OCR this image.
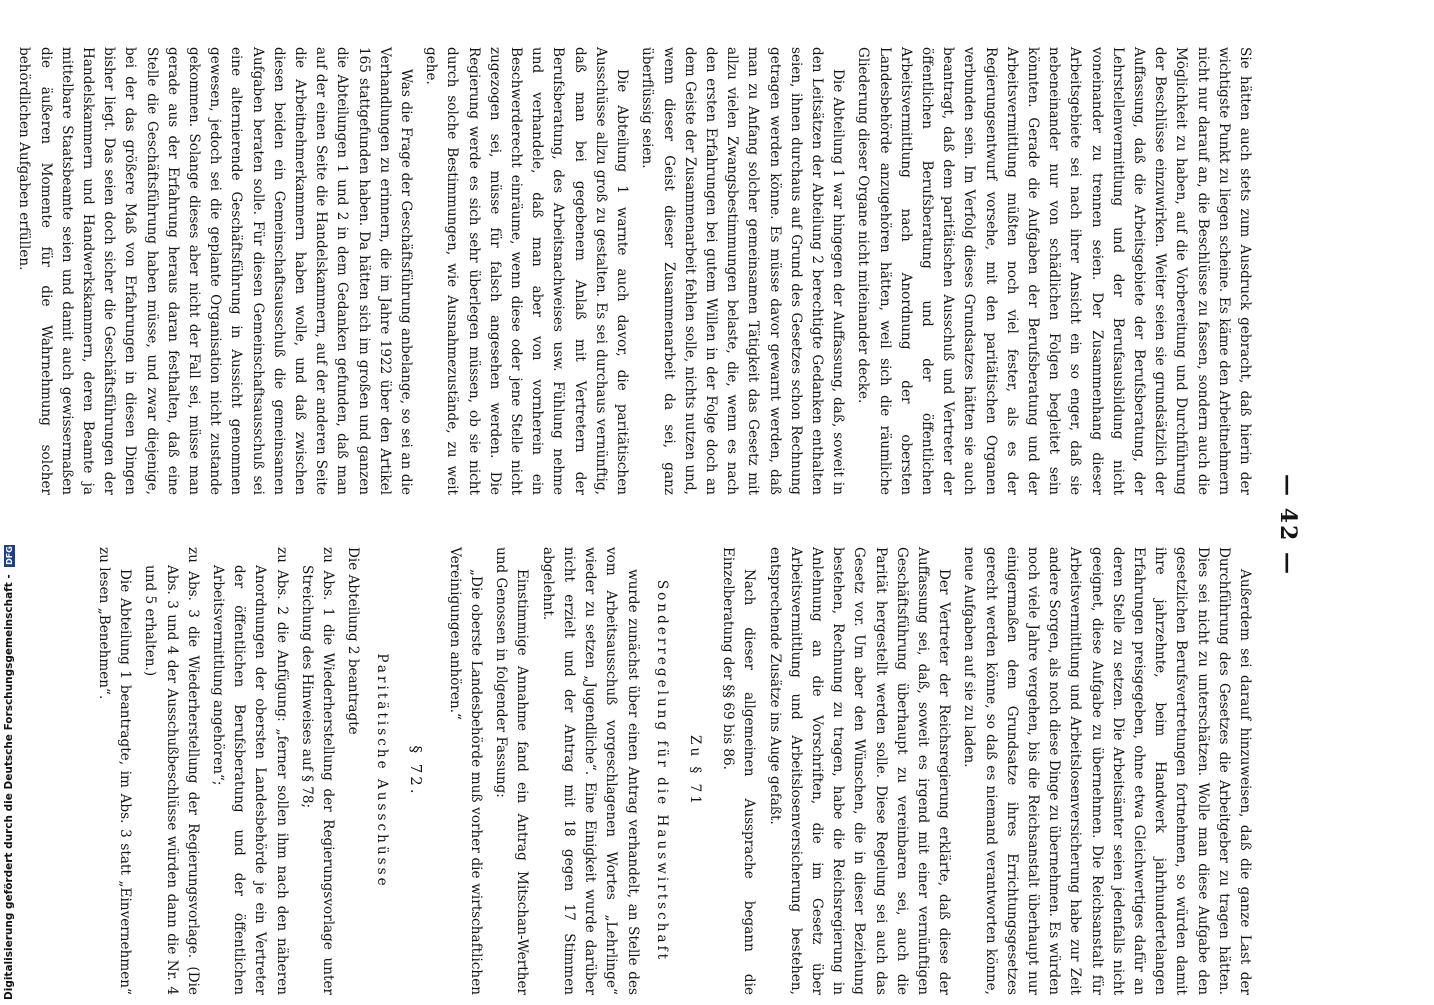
— 42 —

Sie hätten auch stets zum Ausdruck gebracht, daß hierin der wichtigste Punkt zu liegen scheine. Es käme den Arbeitnehmern nicht nur darauf an, die Beschlüsse zu fassen, sondern auch die Möglichkeit zu haben, auf die Vorbereitung und Durchführung der Beschlüsse einzuwirken. Weiter seien sie grundsätzlich der Auffassung, daß die Arbeitsgebiete der Berufsberatung, der Lehrstellenvermittlung und der Berufsausbildung nicht voneinander zu trennen seien. Der Zusammenhang dieser Arbeitsgebiete sei nach ihrer Ansicht ein so enger, daß sie nebeneinander nur von schädlichen Folgen begleitet sein könnten. Gerade die Aufgaben der Berufsberatung und der Arbeitsvermittlung müßten noch viel fester, als es der Regierungsentwurf vorsehe, mit den paritätischen Organen verbunden sein. Im Verfolg dieses Grundsatzes hätten sie auch beantragt, daß dem paritätischen Ausschuß und Vertreter der öffentlichen Berufsberatung und der öffentlichen Arbeitsvermittlung nach Anordnung der obersten Landesbehörde anzugehören hätten, weil sich die räumliche Gliederung dieser Organe nicht miteinander decke.

Die Abteilung 1 war hingegen der Auffassung, daß, soweit in den Leitsätzen der Abteilung 2 berechtigte Gedanken enthalten seien, ihnen durchaus auf Grund des Gesetzes schon Rechnung getragen werden könne. Es müsse davor gewarnt werden, daß man zu Anfang solcher gemeinsamen Tätigkeit das Gesetz mit allzu vielen Zwangsbestimmungen belaste, die, wenn es nach den ersten Erfahrungen bei gutem Willen in der Folge doch an dem Geiste der Zusammenarbeit fehlen solle, nichts nutzen und, wenn dieser Geist dieser Zusammenarbeit da sei, ganz überflüssig seien.

Die Abteilung 1 warnte auch davor, die paritätischen Ausschüsse allzu groß zu gestalten. Es sei durchaus vernünftig, daß man bei gegebenem Anlaß mit Vertretern der Berufsberatung, des Arbeitsnachweises usw. Fühlung nehme und verhandele, daß man aber von vornherein ein Beschwerderecht einräume, wenn diese oder jene Stelle nicht zugezogen sei, müsse für falsch angesehen werden. Die Regierung werde es sich sehr überlegen müssen, ob sie nicht durch solche Bestimmungen, wie Ausnahmezustände, zu weit gehe.

Was die Frage der Geschäftsführung anbelange, so sei an die Verhandlungen zu erinnern, die im Jahre 1922 über den Artikel 165 stattgefunden haben. Da hätten sich im großen und ganzen die Abteilungen 1 und 2 in dem Gedanken gefunden, daß man auf der einen Seite die Handelskammern, auf der anderen Seite die Arbeitnehmerkammern haben wolle, und daß zwischen diesen beiden ein Gemeinschaftsausschuß die gemeinsamen Aufgaben beraten solle. Für diesen Gemeinschaftsausschuß sei eine alternierende Geschäftsführung in Aussicht genommen gewesen, jedoch sei die geplante Organisation nicht zustande gekommen. Solange dieses aber nicht der Fall sei, müsse man gerade aus der Erfahrung heraus daran festhalten, daß eine Stelle die Geschäftsführung haben müsse, und zwar diejenige, bei der das größere Maß von Erfahrungen in diesen Dingen bisher liegt. Das seien doch sicher die Geschäftsführungen der Handelskammern und Handwerkskammern, deren Beamte ja mittelbare Staatsbeamte seien und damit auch gewissermaßen die äußeren Momente für die Wahrnehmung solcher behördlichen Aufgaben erfüllen.

Außerdem sei darauf hinzuweisen, daß die ganze Last der Durchführung des Gesetzes die Arbeitgeber zu tragen hätten. Dies sei nicht zu unterschätzen. Wolle man diese Aufgabe den gesetzlichen Berufsvertretungen fortnehmen, so würden damit ihre jahrzehnte, beim Handwerk jahrhundertelangen Erfahrungen preisgegeben, ohne etwa Gleichwertiges dafür an deren Stelle zu setzen. Die Arbeitsämter seien jedenfalls nicht geeignet, diese Aufgabe zu übernehmen. Die Reichsanstalt für Arbeitsvermittlung und Arbeitslosenversicherung habe zur Zeit andere Sorgen, als noch diese Dinge zu übernehmen. Es würden noch viele Jahre vergehen, bis die Reichsanstalt überhaupt nur einigermaßen dem Grundsatze ihres Errichtungsgesetzes gerecht werden könne, so daß es niemand verantworten könne, neue Aufgaben auf sie zu laden.

Der Vertreter der Reichsregierung erklärte, daß diese der Auffassung sei, daß, soweit es irgend mit einer vernünftigen Geschäftsführung überhaupt zu vereinbaren sei, auch die Parität hergestellt werden solle. Diese Regelung sei auch das Gesetz vor. Um aber den Wünschen, die in dieser Beziehung bestehen, Rechnung zu tragen, habe die Reichsregierung in Anlehnung an die Vorschriften, die im Gesetz über Arbeitsvermittlung und Arbeitslosenversicherung bestehen, entsprechende Zusätze ins Auge gefaßt.

Nach dieser allgemeinen Aussprache begann die Einzelberatung der §§ 69 bis 86.

Zu § 71

Sonderregelung für die Hauswirtschaft

wurde zunächst über einen Antrag verhandelt, an Stelle des vom Arbeitsausschuß vorgeschlagenen Wortes „Lehrlinge“ wieder zu setzen „Jugendliche“. Eine Einigkeit wurde darüber nicht erzielt und der Antrag mit 18 gegen 17 Stimmen abgelehnt.

Einstimmige Annahme fand ein Antrag Mitschan-Werther und Genossen in folgender Fassung:

„Die oberste Landesbehörde muß vorher die wirtschaftlichen Vereinigungen anhören.“

§ 72.

Paritätische Ausschüsse

Die Abteilung 2 beantragte

zu Abs. 1 die Wiederherstellung der Regierungsvorlage unter Streichung des Hinweises auf § 78;

zu Abs. 2 die Anfügung: „ferner sollen ihm nach den näheren Anordnungen der obersten Landesbehörde je ein Vertreter der öffentlichen Berufsberatung und der öffentlichen Arbeitsvermittlung angehören“;

zu Abs. 3 die Wiederherstellung der Regierungsvorlage. (Die Abs. 3 und 4 der Ausschußbeschlüsse würden dann die Nr. 4 und 5 erhalten.)

Die Abteilung 1 beantragte, im Abs. 3 statt „Einvernehmen“ zu lesen „Benehmen“.

Digitalisierung gefördert durch die Deutsche Forschungsgemeinschaft - DFG
